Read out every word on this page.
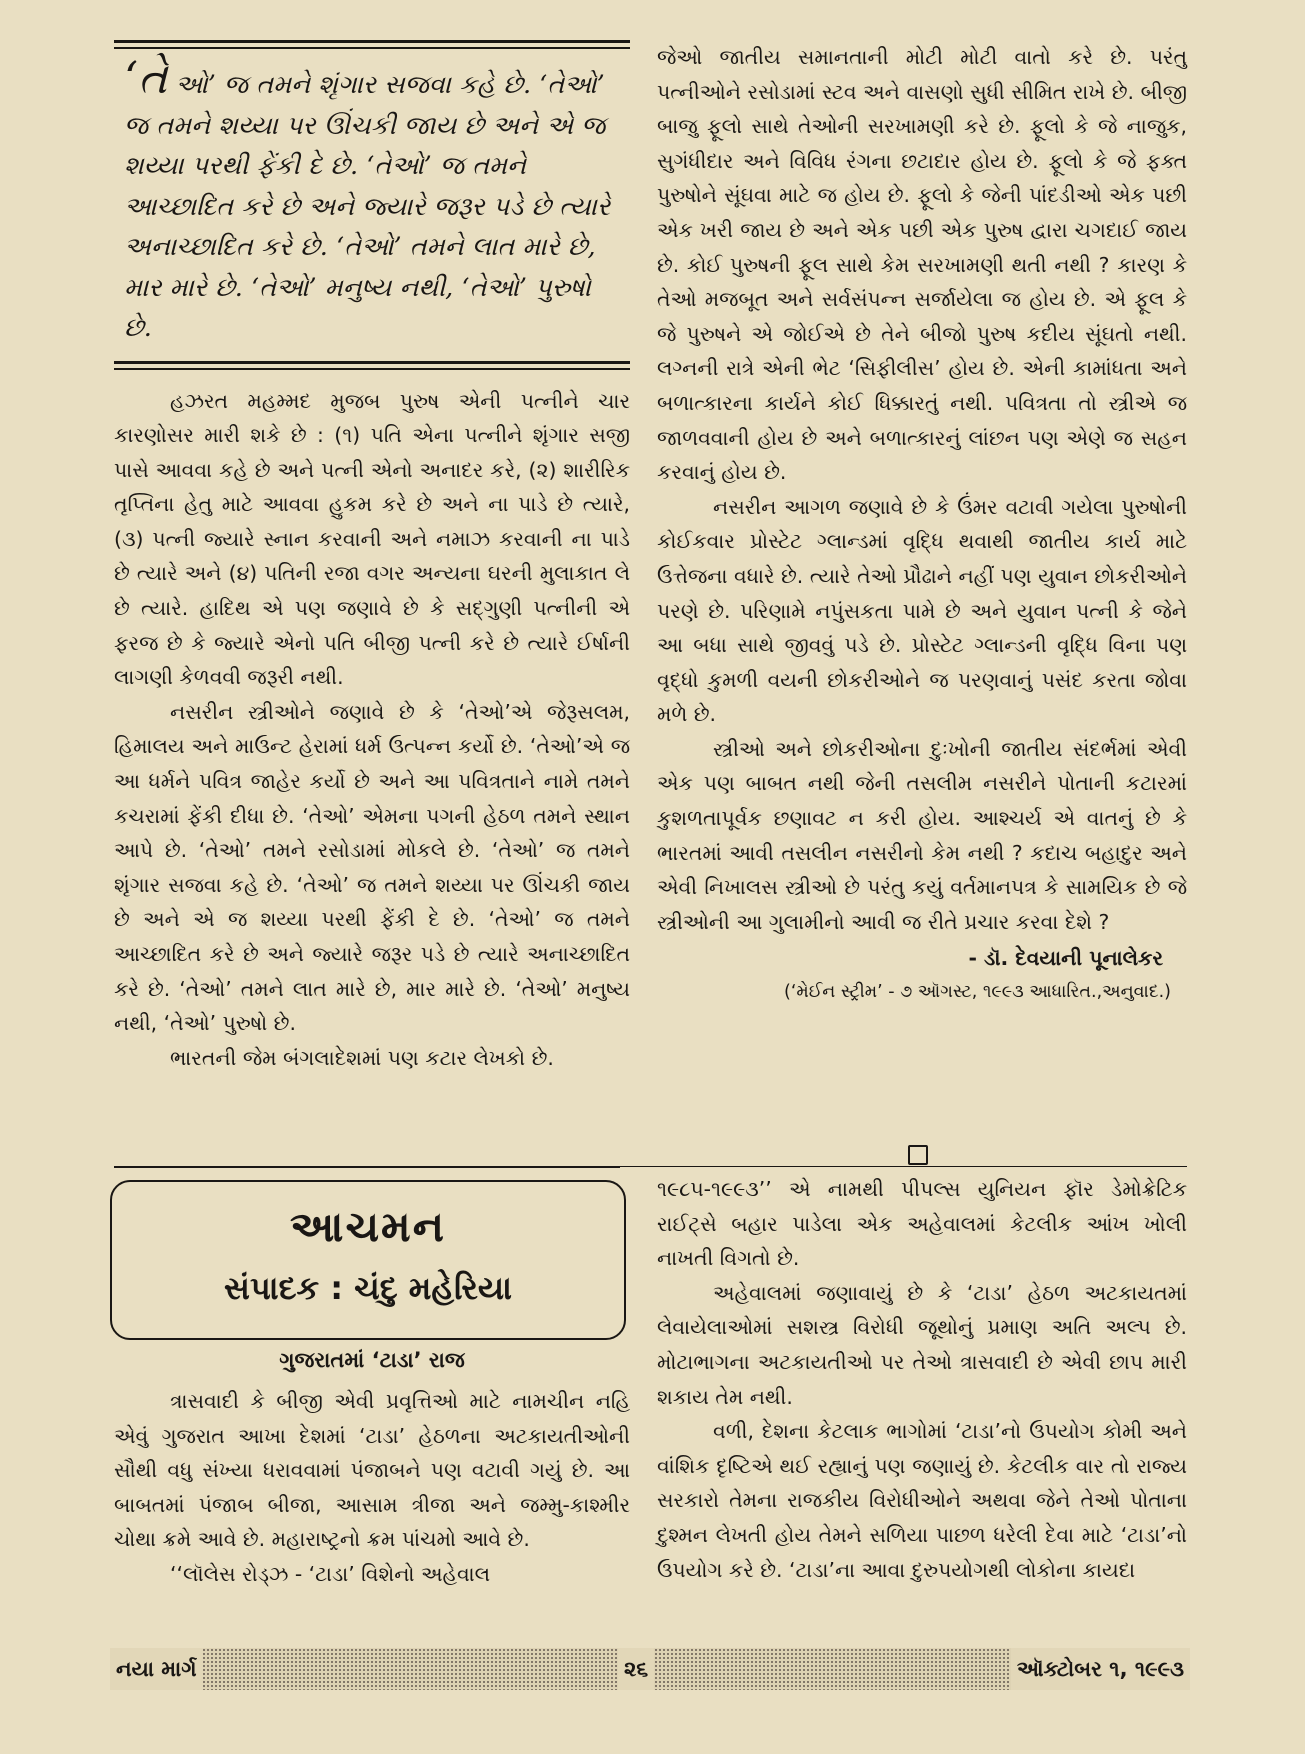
‘તે ઓ’ જ તમને શૃંગાર સજવા કહે છે. ‘તેઓ’ જ તમને શય્યા પર ઊંચકી જાય છે અને એ જ શય્યા પરથી ફેંકી દે છે. ‘તેઓ’ જ તમને આચ્છાદિત કરે છે અને જ્યારે જરૂર પડે છે ત્યારે અનાચ્છાદિત કરે છે. ‘તેઓ’ તમને લાત મારે છે, માર મારે છે. ‘તેઓ’ મનુષ્ય નથી, ‘તેઓ’ પુરુષો છે.

હઝરત મહમ્મદ મુજબ પુરુષ એની પત્નીને ચાર કારણોસર મારી શકે છે : (૧) પતિ એના પત્નીને શૃંગાર સજી પાસે આવવા કહે છે અને પત્ની એનો અનાદર કરે, (૨) શારીરિક તૃપ્તિના હેતુ માટે આવવા હુકમ કરે છે અને ના પાડે છે ત્યારે, (૩) પત્ની જ્યારે સ્નાન કરવાની અને નમાઝ કરવાની ના પાડે છે ત્યારે અને (૪) પતિની રજા વગર અન્યના ઘરની મુલાકાત લે છે ત્યારે. હાદિથ એ પણ જણાવે છે કે સદ્‌ગુણી પત્નીની એ ફરજ છે કે જ્યારે એનો પતિ બીજી પત્ની કરે છે ત્યારે ઈર્ષાની લાગણી કેળવવી જરૂરી નથી.

નસરીન સ્ત્રીઓને જણાવે છે કે ‘તેઓ’એ જેરૂસલમ, હિમાલય અને માઉન્ટ હેરામાં ધર્મ ઉત્પન્ન કર્યો છે. ‘તેઓ’એ જ આ ધર્મને પવિત્ર જાહેર કર્યો છે અને આ પવિત્રતાને નામે તમને કચરામાં ફેંકી દીધા છે. ‘તેઓ’ એમના પગની હેઠળ તમને સ્થાન આપે છે. ‘તેઓ’ તમને રસોડામાં મોકલે છે. ‘તેઓ’ જ તમને શૃંગાર સજવા કહે છે. ‘તેઓ’ જ તમને શય્યા પર ઊંચકી જાય છે અને એ જ શય્યા પરથી ફેંકી દે છે. ‘તેઓ’ જ તમને આચ્છાદિત કરે છે અને જ્યારે જરૂર પડે છે ત્યારે અનાચ્છાદિત કરે છે. ‘તેઓ’ તમને લાત મારે છે, માર મારે છે. ‘તેઓ’ મનુષ્ય નથી, ‘તેઓ’ પુરુષો છે.

ભારતની જેમ બંગલાદેશમાં પણ કટાર લેખકો છે.

જેઓ જાતીય સમાનતાની મોટી મોટી વાતો કરે છે. પરંતુ પત્નીઓને રસોડામાં સ્ટવ અને વાસણો સુધી સીમિત રાખે છે. બીજી બાજુ ફૂલો સાથે તેઓની સરખામણી કરે છે. ફૂલો કે જે નાજુક, સુગંધીદાર અને વિવિધ રંગના છટાદાર હોય છે. ફૂલો કે જે ફક્ત પુરુષોને સૂંઘવા માટે જ હોય છે. ફૂલો કે જેની પાંદડીઓ એક પછી એક ખરી જાય છે અને એક પછી એક પુરુષ દ્વારા ચગદાઈ જાય છે. કોઈ પુરુષની ફૂલ સાથે કેમ સરખામણી થતી નથી ? કારણ કે તેઓ મજબૂત અને સર્વસંપન્ન સર્જાયેલા જ હોય છે. એ ફૂલ કે જે પુરુષને એ જોઈએ છે તેને બીજો પુરુષ કદીય સૂંઘતો નથી. લગ્નની રાત્રે એની ભેટ ‘સિફીલીસ’ હોય છે. એની કામાંધતા અને બળાત્કારના કાર્યને કોઈ ધિક્કારતું નથી. પવિત્રતા તો સ્ત્રીએ જ જાળવવાની હોય છે અને બળાત્કારનું લાંછન પણ એણે જ સહન કરવાનું હોય છે.

નસરીન આગળ જણાવે છે કે ઉંમર વટાવી ગયેલા પુરુષોની કોઈકવાર પ્રોસ્ટેટ ગ્લાન્ડમાં વૃદ્ધિ થવાથી જાતીય કાર્ય માટે ઉત્તેજના વધારે છે. ત્યારે તેઓ પ્રૌઢાને નહીં પણ યુવાન છોકરીઓને પરણે છે. પરિણામે નપુંસકતા પામે છે અને યુવાન પત્ની કે જેને આ બધા સાથે જીવવું પડે છે. પ્રોસ્ટેટ ગ્લાન્ડની વૃદ્ધિ વિના પણ વૃદ્ધો કુમળી વયની છોકરીઓને જ પરણવાનું પસંદ કરતા જોવા મળે છે.

સ્ત્રીઓ અને છોકરીઓના દુઃખોની જાતીય સંદર્ભમાં એવી એક પણ બાબત નથી જેની તસલીમ નસરીને પોતાની કટારમાં કુશળતાપૂર્વક છણાવટ ન કરી હોય. આશ્ચર્ય એ વાતનું છે કે ભારતમાં આવી તસલીન નસરીનો કેમ નથી ? કદાચ બહાદુર અને એવી નિખાલસ સ્ત્રીઓ છે પરંતુ કયું વર્તમાનપત્ર કે સામયિક છે જે સ્ત્રીઓની આ ગુલામીનો આવી જ રીતે પ્રચાર કરવા દેશે ?

- ડૉ. દેવયાની પૂનાલેકર
(‘મેઈન સ્ટ્રીમ’ - ૭ ઑગસ્ટ, ૧૯૯૩ આધારિત.,અનુવાદ.)
આચમન
સંપાદક : ચંદુ મહેરિયા
ગુજરાતમાં ‘ટાડા’ રાજ

ત્રાસવાદી કે બીજી એવી પ્રવૃત્તિઓ માટે નામચીન નહિ એવું ગુજરાત આખા દેશમાં ‘ટાડા’ હેઠળના અટકાયતીઓની સૌથી વધુ સંખ્યા ધરાવવામાં પંજાબને પણ વટાવી ગયું છે. આ બાબતમાં પંજાબ બીજા, આસામ ત્રીજા અને જમ્મુ-કાશ્મીર ચોથા ક્રમે આવે છે. મહારાષ્ટ્રનો ક્રમ પાંચમો આવે છે.

‘‘લૉલેસ રોડ્ઝ - ‘ટાડા’ વિશેનો અહેવાલ

૧૯૮૫-૧૯૯૩’’ એ નામથી પીપલ્સ યુનિયન ફૉર ડેમોક્રેટિક રાઈટ્સે બહાર પાડેલા એક અહેવાલમાં કેટલીક આંખ ખોલી નાખતી વિગતો છે.

અહેવાલમાં જણાવાયું છે કે ‘ટાડા’ હેઠળ અટકાયતમાં લેવાયેલાઓમાં સશસ્ત્ર વિરોધી જૂથોનું પ્રમાણ અતિ અલ્પ છે. મોટાભાગના અટકાયતીઓ પર તેઓ ત્રાસવાદી છે એવી છાપ મારી શકાય તેમ નથી.

વળી, દેશના કેટલાક ભાગોમાં ‘ટાડા’નો ઉપયોગ કોમી અને વાંશિક દૃષ્ટિએ થઈ રહ્યાનું પણ જણાયું છે. કેટલીક વાર તો રાજ્ય સરકારો તેમના રાજકીય વિરોધીઓને અથવા જેને તેઓ પોતાના દુશ્મન લેખતી હોય તેમને સળિયા પાછળ ધરેલી દેવા માટે ‘ટાડા’નો ઉપયોગ કરે છે. ‘ટાડા’ના આવા દુરુપયોગથી લોકોના કાયદા

નયા માર્ગ	૨૬	ઑક્ટોબર ૧, ૧૯૯૩
